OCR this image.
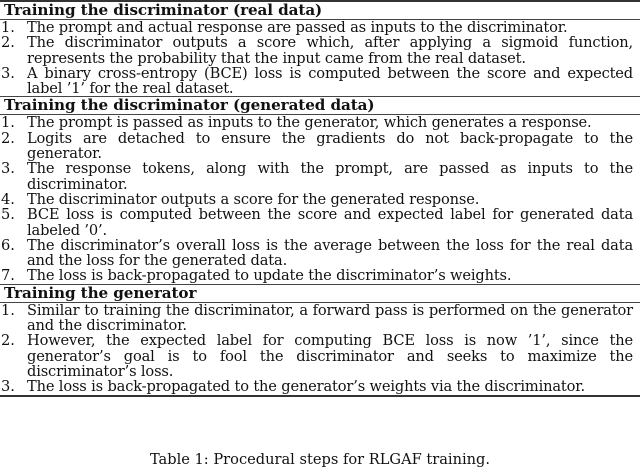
Training the discriminator (real data)
1. The prompt and actual response are passed as inputs to the discriminator.
2. The discriminator outputs a score which, after applying a sigmoid function, represents the probability that the input came from the real dataset.
3. A binary cross-entropy (BCE) loss is computed between the score and expected label ’1’ for the real dataset.
Training the discriminator (generated data)
1. The prompt is passed as inputs to the generator, which generates a response.
2. Logits are detached to ensure the gradients do not back-propagate to the generator.
3. The response tokens, along with the prompt, are passed as inputs to the discriminator.
4. The discriminator outputs a score for the generated response.
5. BCE loss is computed between the score and expected label for generated data labeled ’0’.
6. The discriminator’s overall loss is the average between the loss for the real data and the loss for the generated data.
7. The loss is back-propagated to update the discriminator’s weights.
Training the generator
1. Similar to training the discriminator, a forward pass is performed on the generator and the discriminator.
2. However, the expected label for computing BCE loss is now ’1’, since the generator’s goal is to fool the discriminator and seeks to maximize the discriminator’s loss.
3. The loss is back-propagated to the generator’s weights via the discriminator.
Table 1: Procedural steps for RLGAF training.
